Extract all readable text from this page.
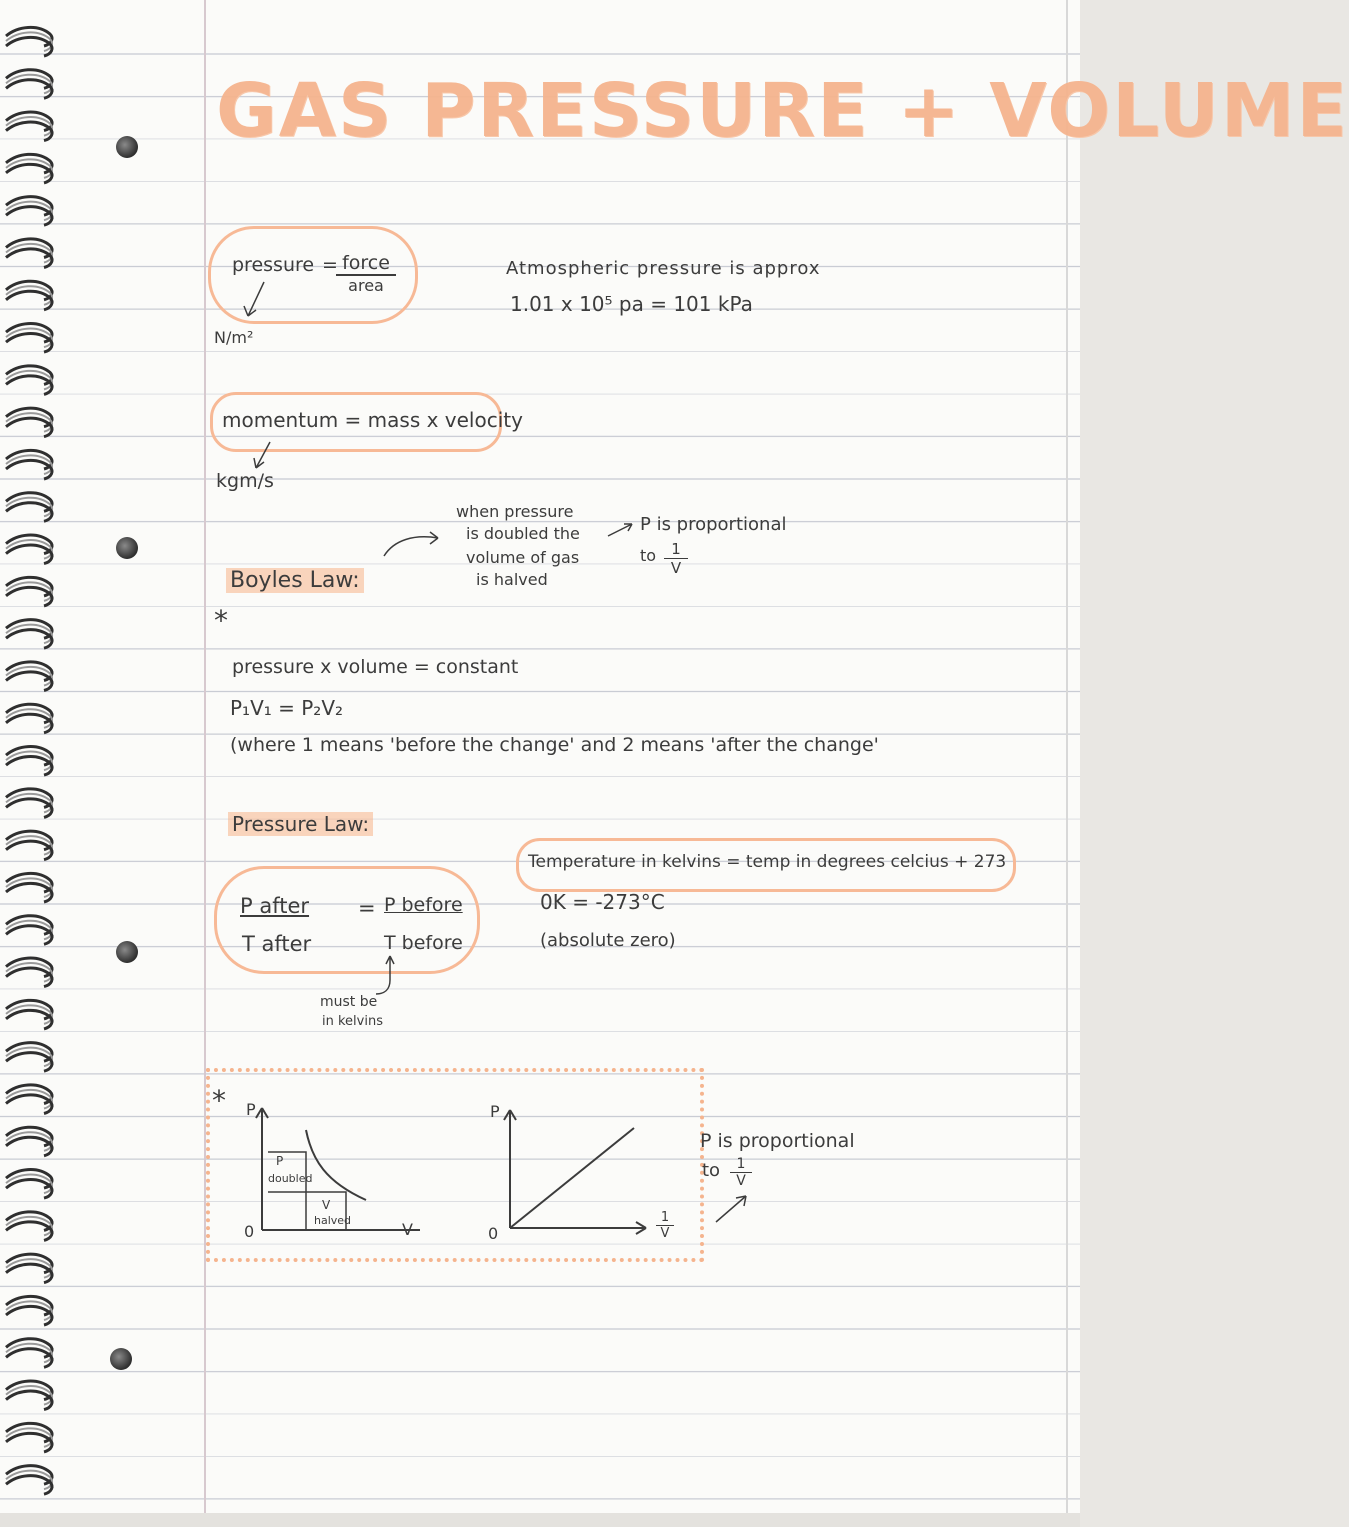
GAS PRESSURE + VOLUME
pressure = force
area
N/m²
Atmospheric pressure is approx
1.01 x 10⁵ pa = 101 kPa
momentum = mass x velocity
kgm/s
Boyles Law:
when pressure
is doubled the
volume of gas
is halved
P is proportional
to $\frac{1}{V}$
*
pressure x volume = constant
P₁V₁ = P₂V₂
(where 1 means 'before the change' and 2 means 'after the change'
Pressure Law:
P after
T after
= P before
T before
must be
in kelvins
Temperature in kelvins = temp in degrees celcius + 273
0K = -273°C
(absolute zero)
* P
0	V
P
doubled
V
halved
P
0	$\frac{1}{V}$
P is proportional
to $\frac{1}{V}$
